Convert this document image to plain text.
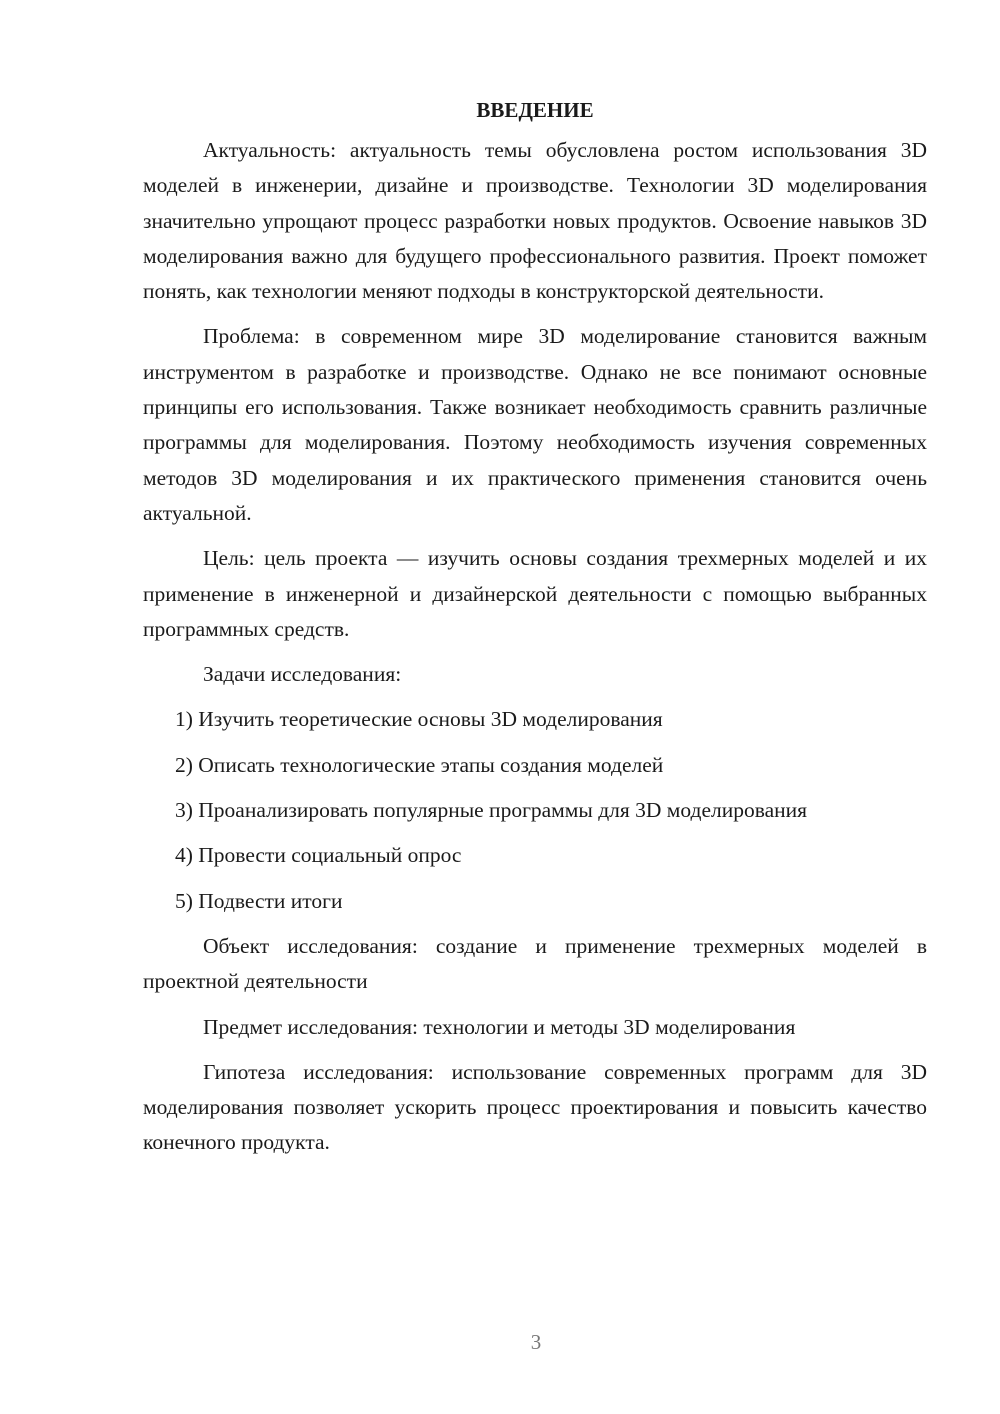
ВВЕДЕНИЕ

Актуальность: актуальность темы обусловлена ростом использования 3D моделей в инженерии, дизайне и производстве. Технологии 3D моделирования значительно упрощают процесс разработки новых продуктов. Освоение навыков 3D моделирования важно для будущего профессионального развития. Проект поможет понять, как технологии меняют подходы в конструкторской деятельности.

Проблема: в современном мире 3D моделирование становится важным инструментом в разработке и производстве. Однако не все понимают основные принципы его использования. Также возникает необходимость сравнить различные программы для моделирования. Поэтому необходимость изучения современных методов 3D моделирования и их практического применения становится очень актуальной.

Цель: цель проекта — изучить основы создания трехмерных моделей и их применение в инженерной и дизайнерской деятельности с помощью выбранных программных средств.

Задачи исследования:

1) Изучить теоретические основы 3D моделирования
2) Описать технологические этапы создания моделей
3) Проанализировать популярные программы для 3D моделирования
4) Провести социальный опрос
5) Подвести итоги

Объект исследования: создание и применение трехмерных моделей в проектной деятельности

Предмет исследования: технологии и методы 3D моделирования

Гипотеза исследования: использование современных программ для 3D моделирования позволяет ускорить процесс проектирования и повысить качество конечного продукта.

3
